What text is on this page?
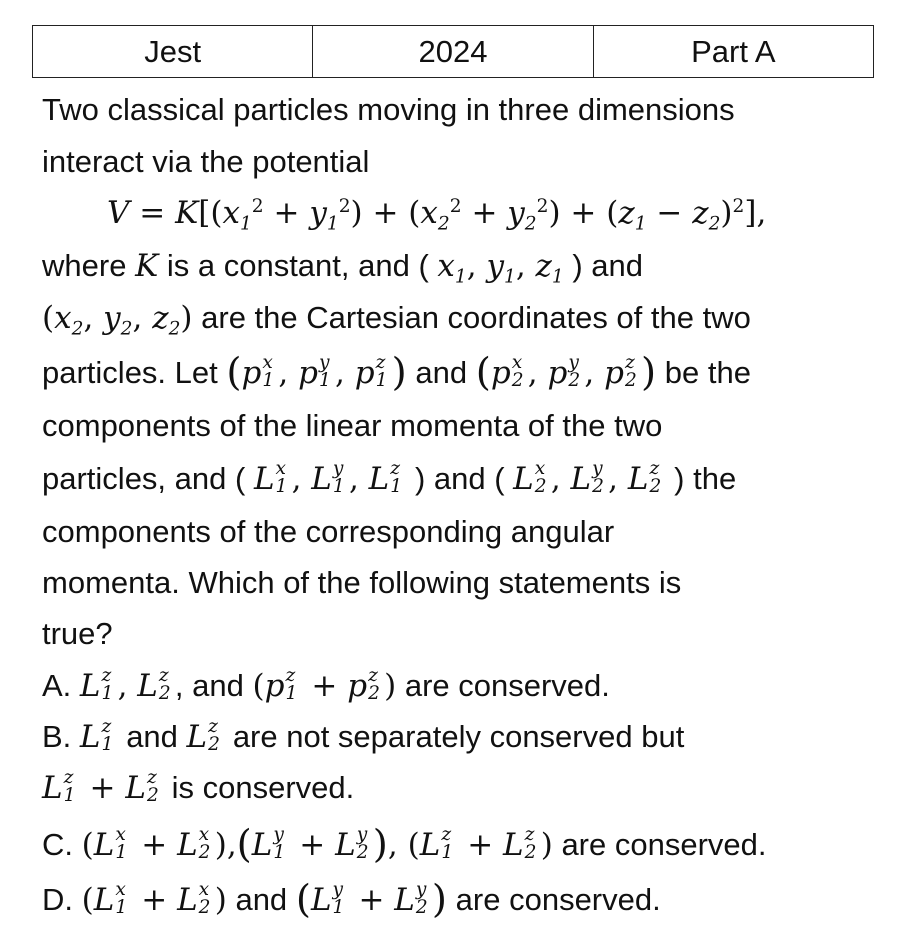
Jest	2024	Part A
Two classical particles moving in three dimensions
interact via the potential
$V = K[(x_1^2 + y_1^2) + (x_2^2 + y_2^2) + (z_1 - z_2)^2]$,
where K is a constant, and ( $x_1$, $y_1$, $z_1$ ) and
($x_2$, $y_2$, $z_2$) are the Cartesian coordinates of the two
particles. Let (p x
1 , p y
1 , p z
1 ) and (p x
2 , p y
2 , p z
2 ) be the
components of the linear momenta of the two
particles, and ( L x
1 , L y
1 , L z
1 ) and ( L x
2 , L y
2 , L z
2 ) the
components of the corresponding angular
momenta. Which of the following statements is
true?
A. L z
1 , L z
2 , and (p z
1 + p z
2 ) are conserved.
B. L z
1 and L z
2 are not separately conserved but
L z
1 + L z
2 is conserved.
C. (L x
1 + L x
2 ),(L y
1 + L y
2 ), (L z
1 + L z
2 ) are conserved.
D. (L x
1 + L x
2 ) and (L y
1 + L y
2 ) are conserved.
